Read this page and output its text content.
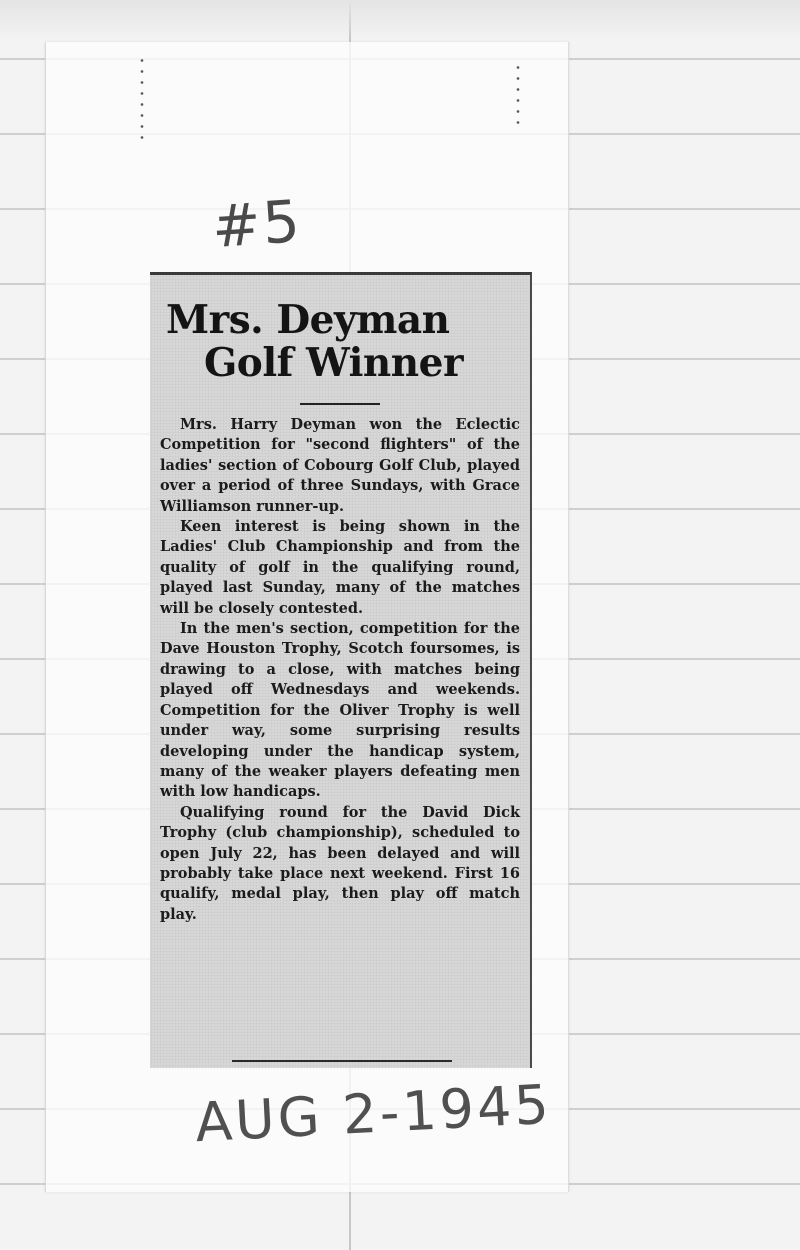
#5
Mrs. Deyman
Golf Winner

Mrs. Harry Deyman won the Eclectic Competition for "second flighters" of the ladies' section of Cobourg Golf Club, played over a period of three Sundays, with Grace Williamson runner-up.

Keen interest is being shown in the Ladies' Club Championship and from the quality of golf in the qualifying round, played last Sunday, many of the matches will be closely contested.

In the men's section, competition for the Dave Houston Trophy, Scotch foursomes, is drawing to a close, with matches being played off Wednesdays and weekends. Competition for the Oliver Trophy is well under way, some surprising results developing under the handicap system, many of the weaker players defeating men with low handicaps.

Qualifying round for the David Dick Trophy (club championship), scheduled to open July 22, has been delayed and will probably take place next weekend. First 16 qualify, medal play, then play off match play.

AUG 2-1945
